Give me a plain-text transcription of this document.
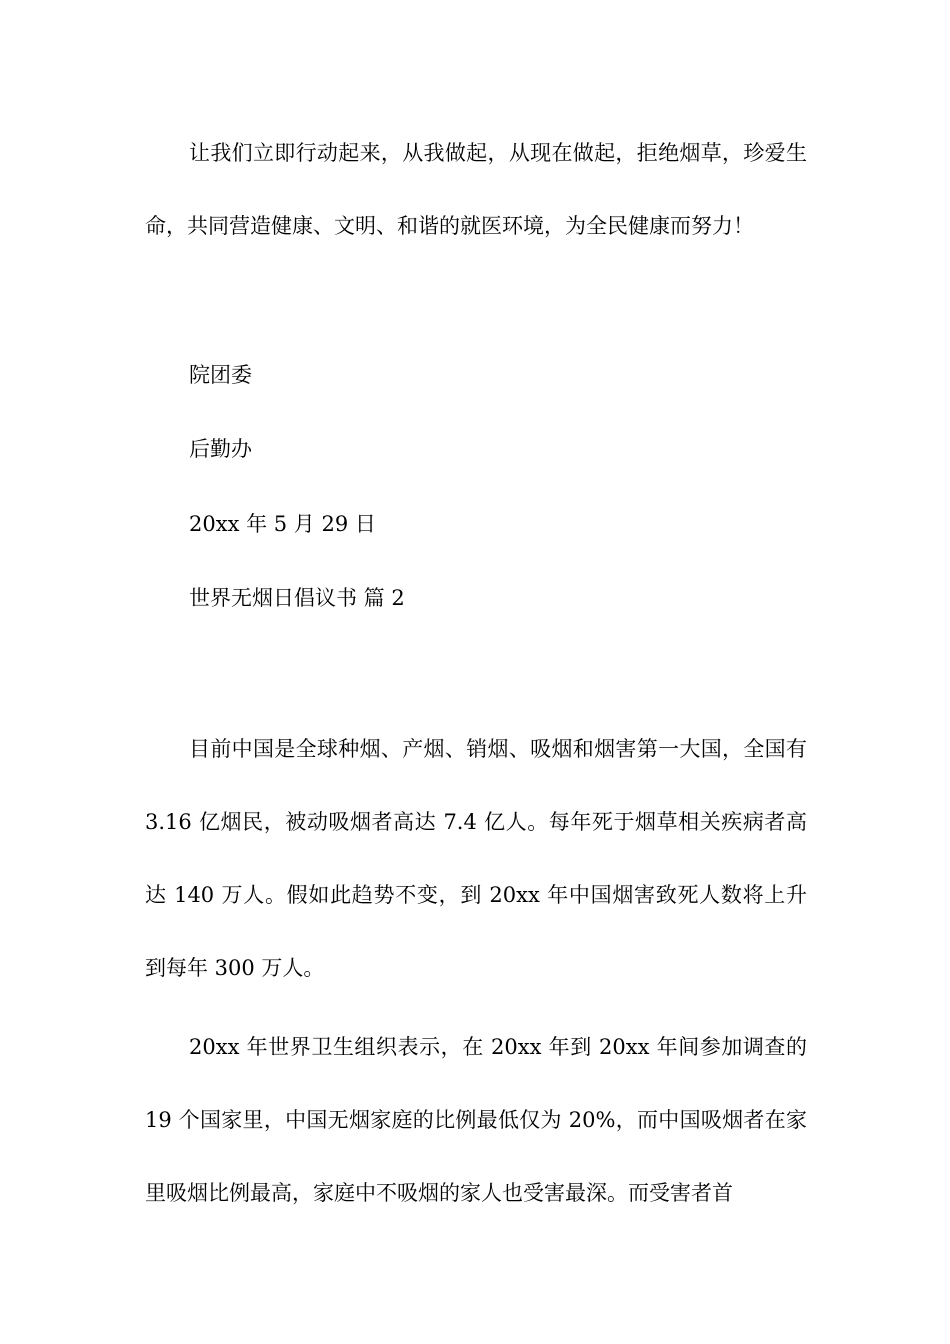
让我们立即行动起来，从我做起，从现在做起，拒绝烟草，珍爱生命，共同营造健康、文明、和谐的就医环境，为全民健康而努力！

院团委

后勤办

20xx 年 5 月 29 日

世界无烟日倡议书 篇 2

目前中国是全球种烟、产烟、销烟、吸烟和烟害第一大国，全国有 3.16 亿烟民，被动吸烟者高达 7.4 亿人。每年死于烟草相关疾病者高达 140 万人。假如此趋势不变，到 20xx 年中国烟害致死人数将上升到每年 300 万人。

20xx 年世界卫生组织表示，在 20xx 年到 20xx 年间参加调查的 19 个国家里，中国无烟家庭的比例最低仅为 20%，而中国吸烟者在家里吸烟比例最高，家庭中不吸烟的家人也受害最深。而受害者首
